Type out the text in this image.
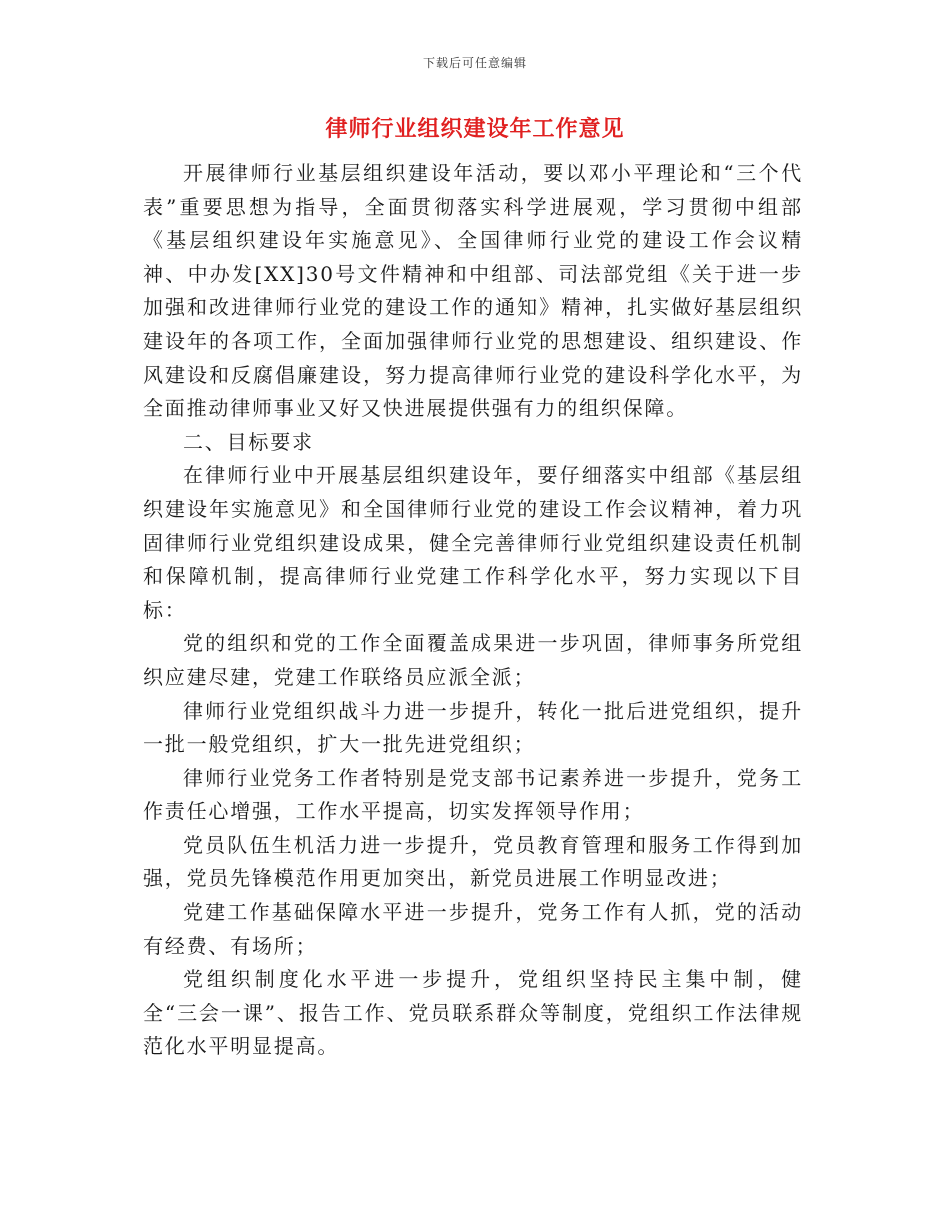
下载后可任意编辑
律师行业组织建设年工作意见

开展律师行业基层组织建设年活动，要以邓小平理论和“三个代表”重要思想为指导，全面贯彻落实科学进展观，学习贯彻中组部《基层组织建设年实施意见》、全国律师行业党的建设工作会议精神、中办发[XX]30号文件精神和中组部、司法部党组《关于进一步加强和改进律师行业党的建设工作的通知》精神，扎实做好基层组织建设年的各项工作，全面加强律师行业党的思想建设、组织建设、作风建设和反腐倡廉建设，努力提高律师行业党的建设科学化水平，为全面推动律师事业又好又快进展提供强有力的组织保障。

二、目标要求

在律师行业中开展基层组织建设年，要仔细落实中组部《基层组织建设年实施意见》和全国律师行业党的建设工作会议精神，着力巩固律师行业党组织建设成果，健全完善律师行业党组织建设责任机制和保障机制，提高律师行业党建工作科学化水平，努力实现以下目标：

党的组织和党的工作全面覆盖成果进一步巩固，律师事务所党组织应建尽建，党建工作联络员应派全派；

律师行业党组织战斗力进一步提升，转化一批后进党组织，提升一批一般党组织，扩大一批先进党组织；

律师行业党务工作者特别是党支部书记素养进一步提升，党务工作责任心增强，工作水平提高，切实发挥领导作用；

党员队伍生机活力进一步提升，党员教育管理和服务工作得到加强，党员先锋模范作用更加突出，新党员进展工作明显改进；

党建工作基础保障水平进一步提升，党务工作有人抓，党的活动有经费、有场所；

党组织制度化水平进一步提升，党组织坚持民主集中制，健全“三会一课”、报告工作、党员联系群众等制度，党组织工作法律规范化水平明显提高。
